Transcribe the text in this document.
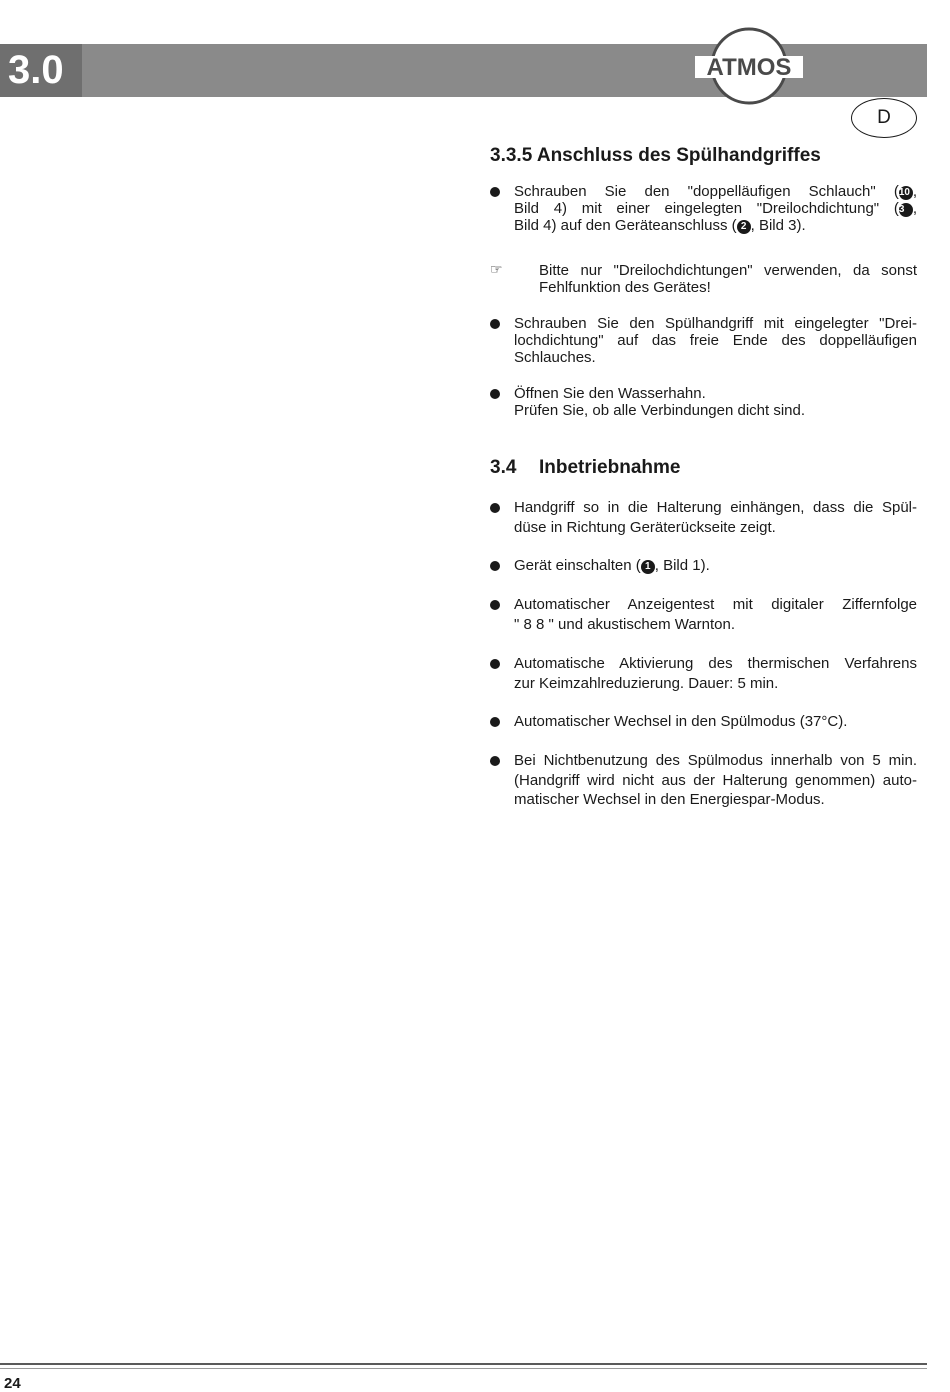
3.0	ATMOS
D
3.3.5 Anschluss des Spülhandgriffes
Schrauben Sie den "doppelläufigen Schlauch" (10 ,
Bild 4) mit einer eingelegten "Dreilochdichtung" (3 ,
Bild 4) auf den Geräteanschluss ( 2 , Bild 3).
☞ Bitte nur "Dreilochdichtungen" verwenden, da sonst Fehlfunktion des Gerätes!
Schrauben Sie den Spülhandgriff mit eingelegter "Drei-
lochdichtung" auf das freie Ende des doppelläufigen
Schlauches.
Öffnen Sie den Wasserhahn.
Prüfen Sie, ob alle Verbindungen dicht sind.
3.4 Inbetriebnahme
Handgriff so in die Halterung einhängen, dass die Spül-
düse in Richtung Geräterückseite zeigt.
Gerät einschalten ( 1 , Bild 1).
Automatischer Anzeigentest mit digitaler Ziffernfolge
" 8 8 " und akustischem Warnton.
Automatische Aktivierung des thermischen Verfahrens
zur Keimzahlreduzierung. Dauer: 5 min.
Automatischer Wechsel in den Spülmodus (37°C).
Bei Nichtbenutzung des Spülmodus innerhalb von 5 min.
(Handgriff wird nicht aus der Halterung genommen) auto-
matischer Wechsel in den Energiespar-Modus.
24
